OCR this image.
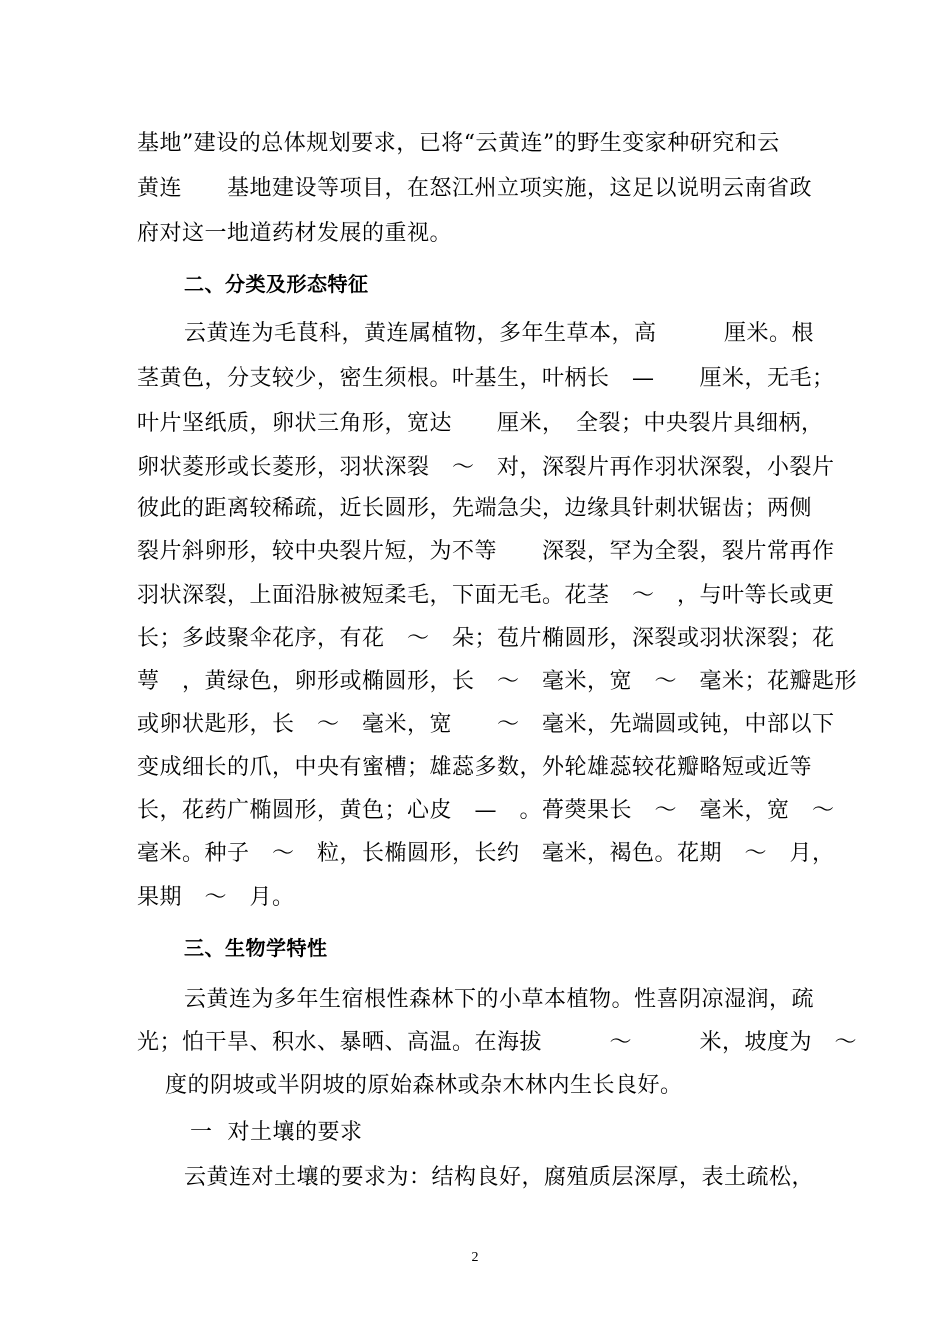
基地”建设的总体规划要求，已将“云黄连”的野生变家种研究和云
黄连　　基地建设等项目，在怒江州立项实施，这足以说明云南省政
府对这一地道药材发展的重视。
二、分类及形态特征
云黄连为毛茛科，黄连属植物，多年生草本，高　　　厘米。根
茎黄色，分支较少，密生须根。叶基生，叶柄长　—　　厘米，无毛；
叶片坚纸质，卵状三角形，宽达　　厘米，　全裂；中央裂片具细柄，
卵状菱形或长菱形，羽状深裂　～　对，深裂片再作羽状深裂，小裂片
彼此的距离较稀疏，近长圆形，先端急尖，边缘具针刺状锯齿；两侧
裂片斜卵形，较中央裂片短，为不等　　深裂，罕为全裂，裂片常再作
羽状深裂，上面沿脉被短柔毛，下面无毛。花茎　～　，与叶等长或更
长；多歧聚伞花序，有花　～　朵；苞片椭圆形，深裂或羽状深裂；花
萼　，黄绿色，卵形或椭圆形，长　～　毫米，宽　～　毫米；花瓣匙形
或卵状匙形，长　～　毫米，宽　　～　毫米，先端圆或钝，中部以下
变成细长的爪，中央有蜜槽；雄蕊多数，外轮雄蕊较花瓣略短或近等
长，花药广椭圆形，黄色；心皮　—　。蓇葖果长　～　毫米，宽　～
毫米。种子　～　粒，长椭圆形，长约　毫米，褐色。花期　～　月，
果期　～　月。
三、生物学特性
云黄连为多年生宿根性森林下的小草本植物。性喜阴凉湿润，疏
光；怕干旱、积水、暴晒、高温。在海拔　　　～　　　米，坡度为　～
度的阴坡或半阴坡的原始森林或杂木林内生长良好。
一  对土壤的要求
云黄连对土壤的要求为：结构良好，腐殖质层深厚，表土疏松，
2
